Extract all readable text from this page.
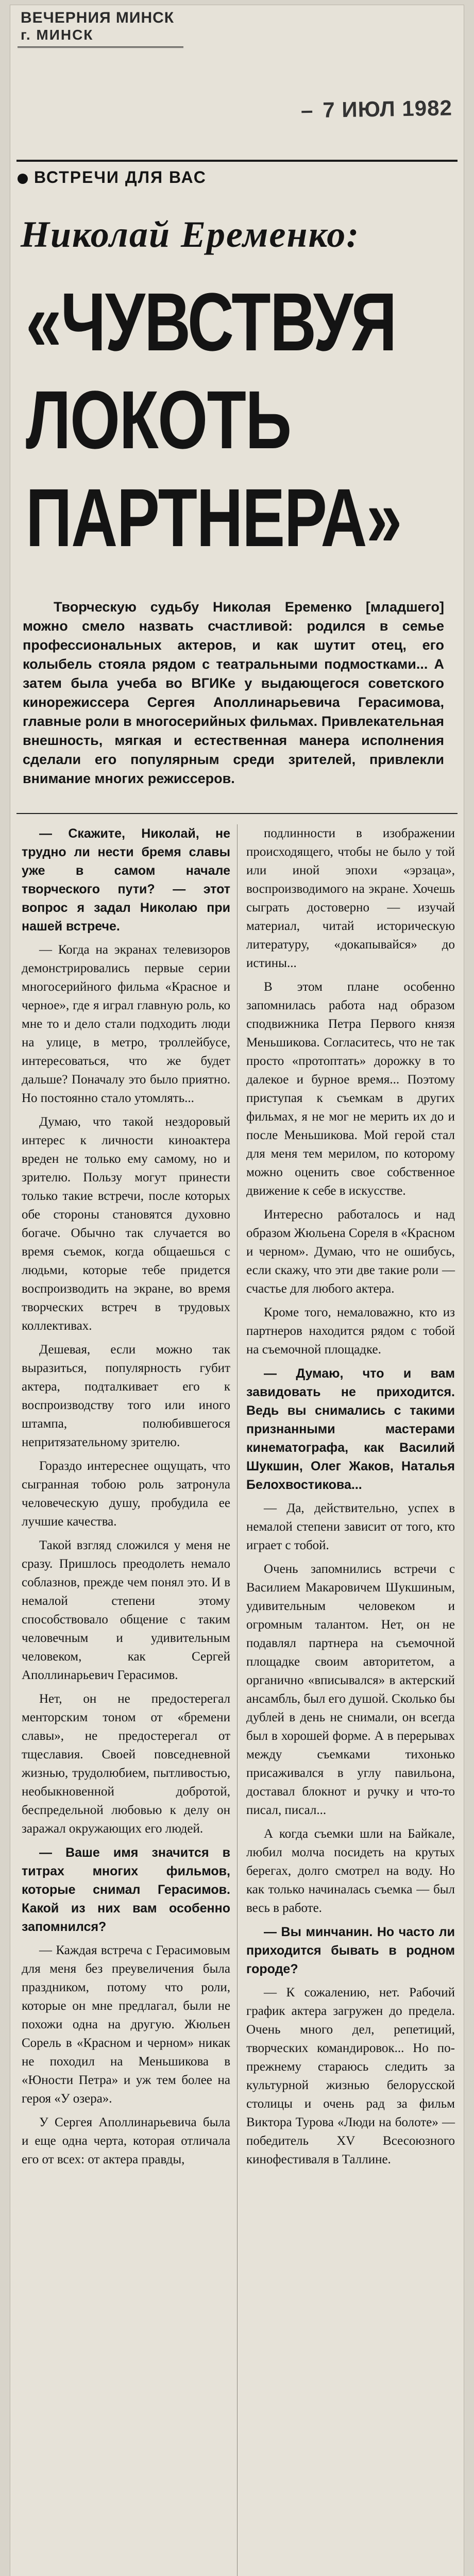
ВЕЧЕРНИЯ МИНСК
г. МИНСК
– 7 ИЮЛ 1982
ВСТРЕЧИ ДЛЯ ВАС
Николай Еременко:
«ЧУВСТВУЯ
ЛОКОТЬ
ПАРТНЕРА»

Творческую судьбу Николая Еременко [младшего] можно смело назвать счастливой: родился в семье профессиональных актеров, и как шутит отец, его колыбель стояла рядом с театральными подмостками... А затем была учеба во ВГИКе у выдающегося советского кинорежиссера Сергея Аполлинарьевича Герасимова, главные роли в многосерийных фильмах. Привлекательная внешность, мягкая и естественная манера исполнения сделали его популярным среди зрителей, привлекли внимание многих режиссеров.

— Скажите, Николай, не трудно ли нести бремя славы уже в самом начале творческого пути? — этот вопрос я задал Николаю при нашей встрече.

— Когда на экранах телевизоров демонстрировались первые серии многосерийного фильма «Красное и черное», где я играл главную роль, ко мне то и дело стали подходить люди на улице, в метро, троллейбусе, интересоваться, что же будет дальше? Поначалу это было приятно. Но постоянно стало утомлять...

Думаю, что такой нездоровый интерес к личности киноактера вреден не только ему самому, но и зрителю. Пользу могут принести только такие встречи, после которых обе стороны становятся духовно богаче. Обычно так случается во время съемок, когда общаешься с людьми, которые тебе придется воспроизводить на экране, во время творческих встреч в трудовых коллективах.

Дешевая, если можно так выразиться, популярность губит актера, подталкивает его к воспроизводству того или иного штампа, полюбившегося непритязательному зрителю.

Гораздо интереснее ощущать, что сыгранная тобою роль затронула человеческую душу, пробудила ее лучшие качества.

Такой взгляд сложился у меня не сразу. Пришлось преодолеть немало соблазнов, прежде чем понял это. И в немалой степени этому способствовало общение с таким человечным и удивительным человеком, как Сергей Аполлинарьевич Герасимов.

Нет, он не предостерегал менторским тоном от «бремени славы», не предостерегал от тщеславия. Своей повседневной жизнью, трудолюбием, пытливостью, необыкновенной добротой, беспредельной любовью к делу он заражал окружающих его людей.

— Ваше имя значится в титрах многих фильмов, которые снимал Герасимов. Какой из них вам особенно запомнился?

— Каждая встреча с Герасимовым для меня без преувеличения была праздником, потому что роли, которые он мне предлагал, были не похожи одна на другую. Жюльен Сорель в «Красном и черном» никак не походил на Меньшикова в «Юности Петра» и уж тем более на героя «У озера».

У Сергея Аполлинарьевича была и еще одна черта, которая отличала его от всех: от актера правды,

подлинности в изображении происходящего, чтобы не было у той или иной эпохи «эрзаца», воспроизводимого на экране. Хочешь сыграть достоверно — изучай материал, читай историческую литературу, «докапывайся» до истины...

В этом плане особенно запомнилась работа над образом сподвижника Петра Первого князя Меньшикова. Согласитесь, что не так просто «протоптать» дорожку в то далекое и бурное время... Поэтому приступая к съемкам в других фильмах, я не мог не мерить их до и после Меньшикова. Мой герой стал для меня тем мерилом, по которому можно оценить свое собственное движение к себе в искусстве.

Интересно работалось и над образом Жюльена Сореля в «Красном и черном». Думаю, что не ошибусь, если скажу, что эти две такие роли — счастье для любого актера.

Кроме того, немаловажно, кто из партнеров находится рядом с тобой на съемочной площадке.

— Думаю, что и вам завидовать не приходится. Ведь вы снимались с такими признанными мастерами кинематографа, как Василий Шукшин, Олег Жаков, Наталья Белохвостикова...

— Да, действительно, успех в немалой степени зависит от того, кто играет с тобой.

Очень запомнились встречи с Василием Макаровичем Шукшиным, удивительным человеком и огромным талантом. Нет, он не подавлял партнера на съемочной площадке своим авторитетом, а органично «вписывался» в актерский ансамбль, был его душой. Сколько бы дублей в день не снимали, он всегда был в хорошей форме. А в перерывах между съемками тихонько присаживался в углу павильона, доставал блокнот и ручку и что-то писал, писал...

А когда съемки шли на Байкале, любил молча посидеть на крутых берегах, долго смотрел на воду. Но как только начиналась съемка — был весь в работе.

— Вы минчанин. Но часто ли приходится бывать в родном городе?

— К сожалению, нет. Рабочий график актера загружен до предела. Очень много дел, репетиций, творческих командировок... Но по-прежнему стараюсь следить за культурной жизнью белорусской столицы и очень рад за фильм Виктора Турова «Люди на болоте» — победитель XV Всесоюзного кинофестиваля в Таллине.
